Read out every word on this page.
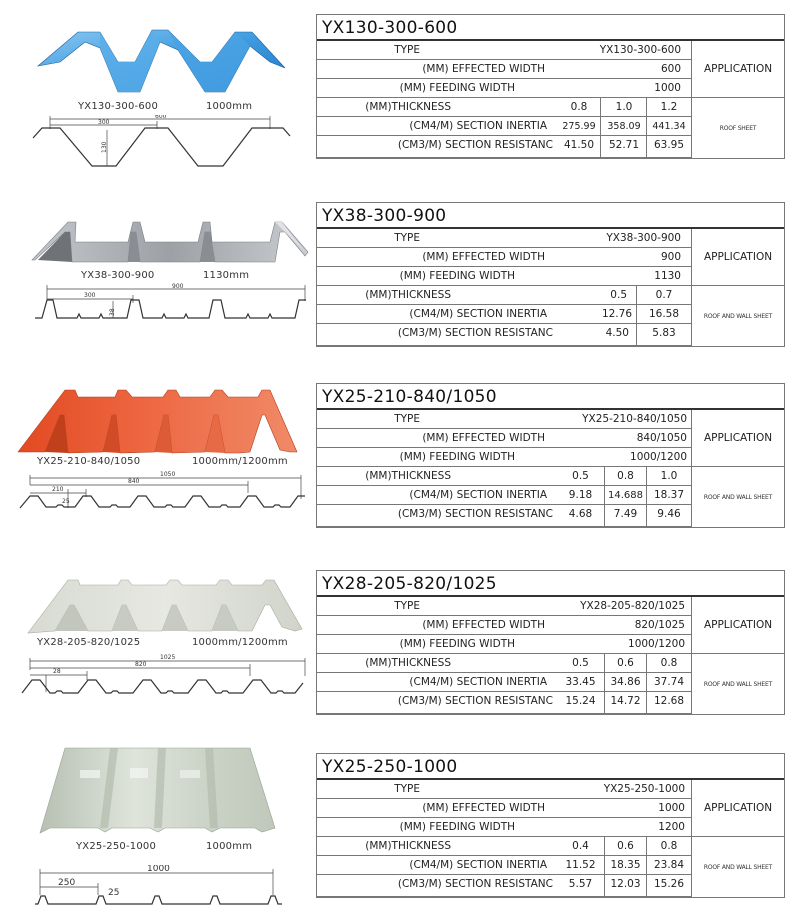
YX130-300-600	1000mm
600
300
130
YX130-300-600
TYPE	YX130-300-600
(MM) EFFECTED WIDTH	600
(MM) FEEDING WIDTH	1000
(MM)THICKNESS	0.8	1.0	1.2
(CM4/M) SECTION INERTIA	275.99	358.09	441.34
(CM3/M) SECTION RESISTANC	41.50	52.71	63.95
APPLICATION
ROOF SHEET
YX38-300-900	1130mm
900
300
38
YX38-300-900
TYPE	YX38-300-900
(MM) EFFECTED WIDTH	900
(MM) FEEDING WIDTH	1130
(MM)THICKNESS	0.5	0.7
(CM4/M) SECTION INERTIA	12.76	16.58
(CM3/M) SECTION RESISTANC	4.50	5.83
APPLICATION
ROOF AND WALL SHEET
YX25-210-840/1050	1000mm/1200mm
1050
840
210
25
YX25-210-840/1050
TYPE	YX25-210-840/1050
(MM) EFFECTED WIDTH	840/1050
(MM) FEEDING WIDTH	1000/1200
(MM)THICKNESS	0.5	0.8	1.0
(CM4/M) SECTION INERTIA	9.18	14.688	18.37
(CM3/M) SECTION RESISTANC	4.68	7.49	9.46
APPLICATION
ROOF AND WALL SHEET
YX28-205-820/1025	1000mm/1200mm
1025
820
28
YX28-205-820/1025
TYPE	YX28-205-820/1025
(MM) EFFECTED WIDTH	820/1025
(MM) FEEDING WIDTH	1000/1200
(MM)THICKNESS	0.5	0.6	0.8
(CM4/M) SECTION INERTIA	33.45	34.86	37.74
(CM3/M) SECTION RESISTANC	15.24	14.72	12.68
APPLICATION
ROOF AND WALL SHEET
YX25-250-1000	1000mm
1000
250
25
YX25-250-1000
TYPE	YX25-250-1000
(MM) EFFECTED WIDTH	1000
(MM) FEEDING WIDTH	1200
(MM)THICKNESS	0.4	0.6	0.8
(CM4/M) SECTION INERTIA	11.52	18.35	23.84
(CM3/M) SECTION RESISTANC	5.57	12.03	15.26
APPLICATION
ROOF AND WALL SHEET
